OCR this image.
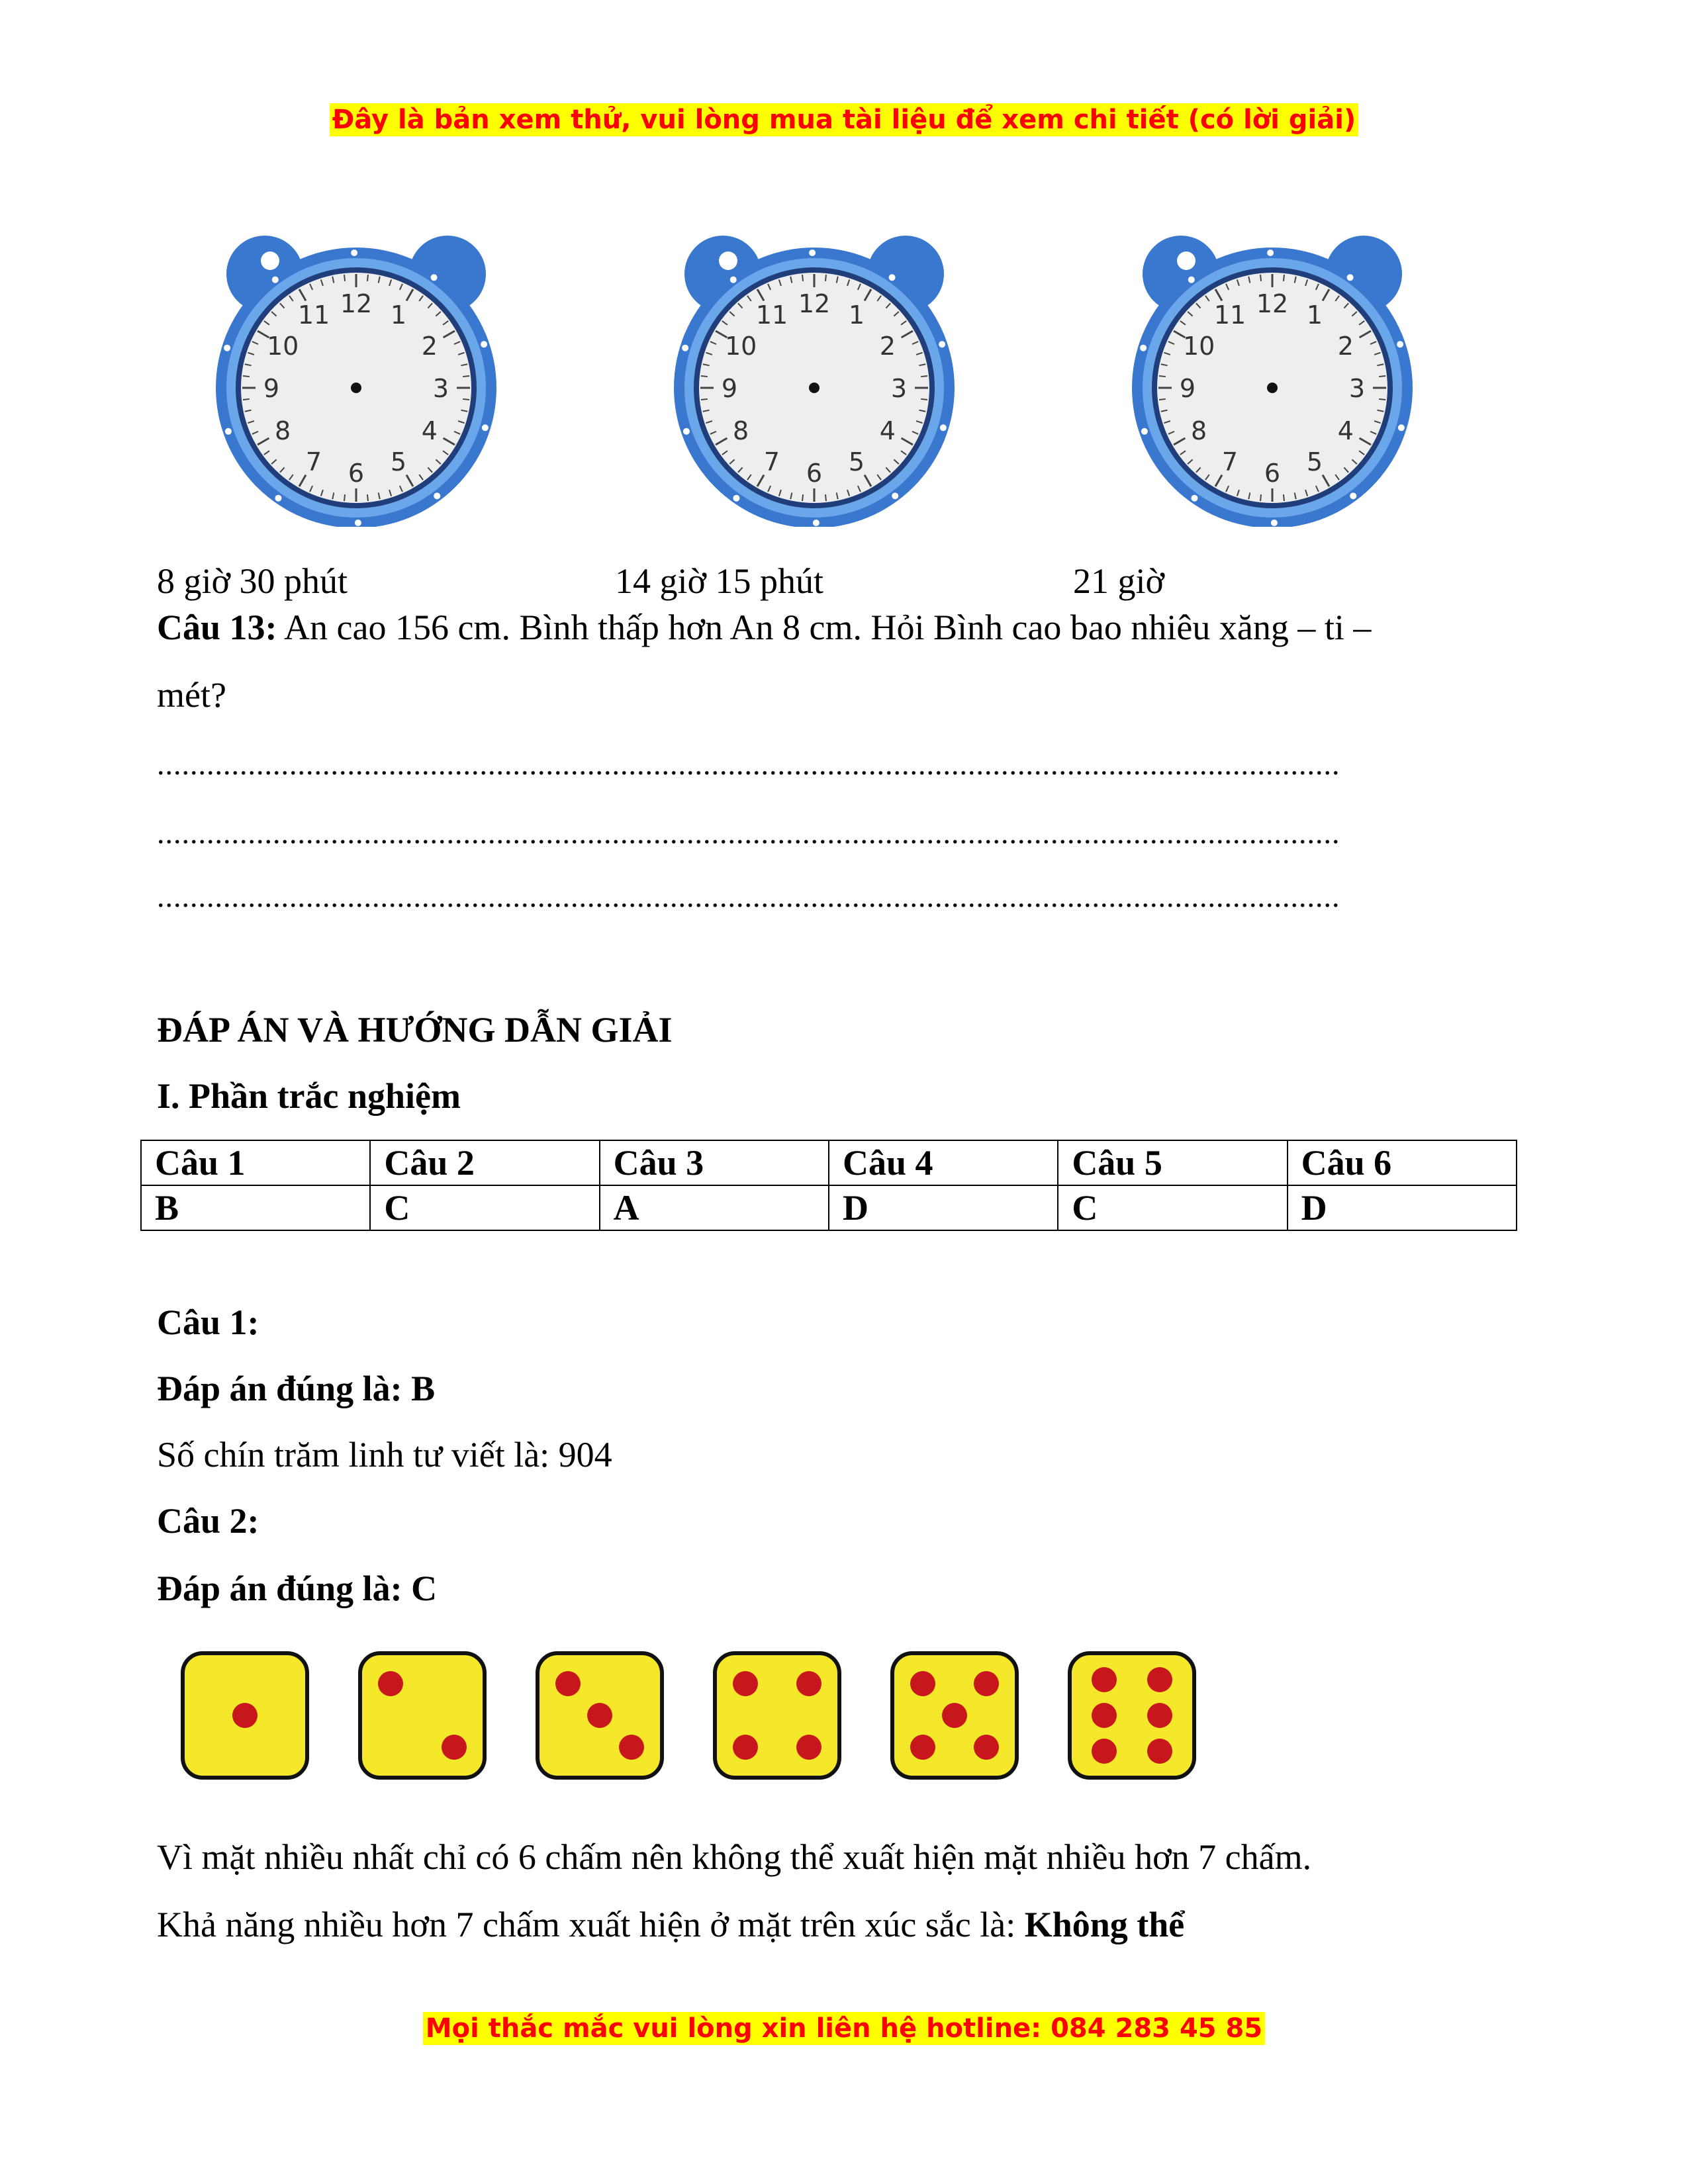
Đây là bản xem thử, vui lòng mua tài liệu để xem chi tiết (có lời giải)
12 1
2
3
4
5
6
7
8
9
10
11	12 1
2
3
4
5
6
7
8
9
10
11	12 1
2
3
4
5
6
7
8
9
10
11
8 giờ 30 phút	14 giờ 15 phút	21 giờ
Câu 13: An cao 156 cm. Bình thấp hơn An 8 cm. Hỏi Bình cao bao nhiêu xăng – ti –
mét?
...............................................................................................................................................
...............................................................................................................................................
...............................................................................................................................................
ĐÁP ÁN VÀ HƯỚNG DẪN GIẢI
I. Phần trắc nghiệm
Câu 1	Câu 2	Câu 3	Câu 4	Câu 5	Câu 6
B	C	A	D	C	D
Câu 1:
Đáp án đúng là: B
Số chín trăm linh tư viết là: 904
Câu 2:
Đáp án đúng là: C
Vì mặt nhiều nhất chỉ có 6 chấm nên không thể xuất hiện mặt nhiều hơn 7 chấm.
Khả năng nhiều hơn 7 chấm xuất hiện ở mặt trên xúc sắc là: Không thể
Mọi thắc mắc vui lòng xin liên hệ hotline: 084 283 45 85
